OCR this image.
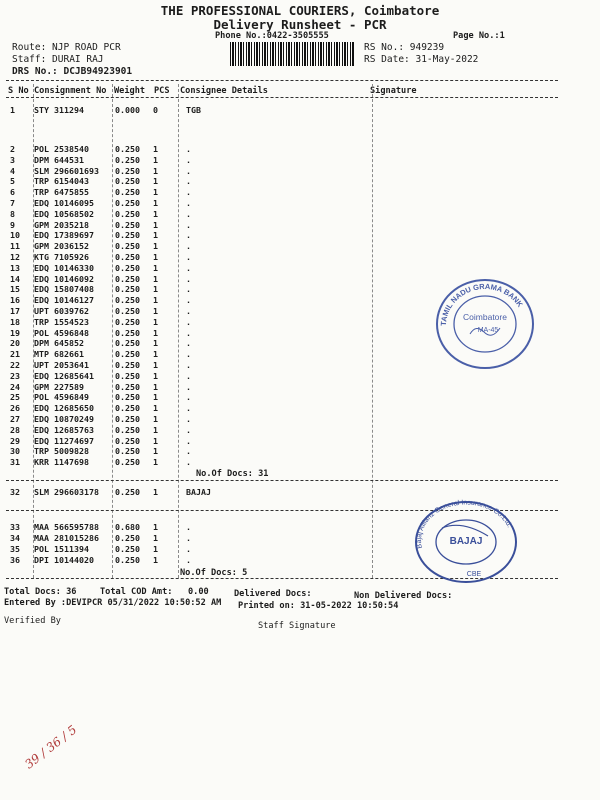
THE PROFESSIONAL COURIERS, Coimbatore
Delivery Runsheet - PCR
Phone No.:0422-3505555	Page No.:1
Route: NJP ROAD PCR
Staff: DURAI RAJ
DRS No.: DCJB94923901
RS No.: 949239
RS Date: 31-May-2022
S No Consignment No Weight PCS Consignee Details	Signature
1 STY 311294	0.000 0	TGB
2 POL 2538540	0.250 1	.
3 DPM 644531	0.250 1	.
4 SLM 296601693 0.250 1	.
5 TRP 6154043	0.250 1	.
6 TRP 6475855	0.250 1	.
7 EDQ 10146095	0.250 1	.
8 EDQ 10568502	0.250 1	.
9 GPM 2035218	0.250 1	.
10 EDQ 17389697	0.250 1	.
11 GPM 2036152	0.250 1	.
12 KTG 7105926	0.250 1	.
13 EDQ 10146330	0.250 1	.
14 EDQ 10146092	0.250 1	.
15 EDQ 15807408	0.250 1	.
16 EDQ 10146127	0.250 1	.
17 UPT 6039762	0.250 1	.
18 TRP 1554523	0.250 1	.
19 POL 4596848	0.250 1	.
20 DPM 645852	0.250 1	.
21 MTP 682661	0.250 1	.
22 UPT 2053641	0.250 1	.
23 EDQ 12685641	0.250 1	.
24 GPM 227589	0.250 1	.
25 POL 4596849	0.250 1	.
26 EDQ 12685650	0.250 1	.
27 EDQ 10870249	0.250 1	.
28 EDQ 12685763	0.250 1	.
29 EDQ 11274697	0.250 1	.
30 TRP 5009828	0.250 1	.
31 KRR 1147698	0.250 1	.
No.Of Docs: 31
32 SLM 296603178 0.250 1	BAJAJ
33 MAA 566595788 0.680 1	.
34 MAA 281015286 0.250 1	.
35 POL 1511394	0.250 1	.
36 DPI 10144020	0.250 1	.
No.Of Docs: 5
Total Docs: 36	Total COD Amt: 0.00	Delivered Docs:	Non Delivered Docs:
Entered By :DEVIPCR 05/31/2022 10:50:52 AM Printed on: 31-05-2022 10:50:54
Verified By	Staff Signature
TAMIL NADU GRAMA BANK
Coimbatore
MA-45
Bajaj Allianz General Insurance Co.Ltd.
BAJAJ
CBE
39 / 36 / 5
